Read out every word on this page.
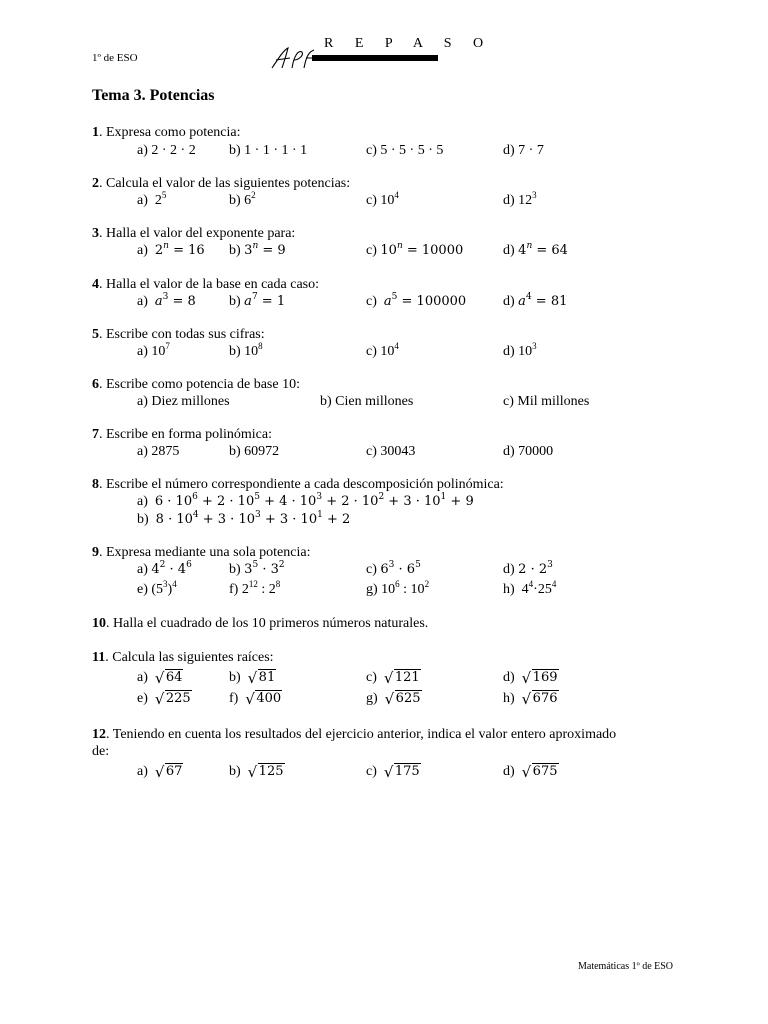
1º de ESO
R E P A S O
Tema 3. Potencias
1. Expresa como potencia:
a) 2 · 2 · 2 b) 1 · 1 · 1 · 1	c) 5 · 5 · 5 · 5	d) 7 · 7
2. Calcula el valor de las siguientes potencias:
a)  $2^5$	b) $6^2$	c) $10^4$	d) $12^3$
3. Halla el valor del exponente para:
a)  $2^n = 16$ b) $3^n = 9$	c) $10^n = 10000$	d) $4^n = 64$
4. Halla el valor de la base en cada caso:
a)  $a^3 = 8$ b) $a^7 = 1$	c)  $a^5 = 100000$	d) $a^4 = 81$
5. Escribe con todas sus cifras:
a) $10^7$	b) $10^8$	c) $10^4$	d) $10^3$
6. Escribe como potencia de base 10:
a) Diez millones	b) Cien millones	c) Mil millones
7. Escribe en forma polinómica:
a) 2875	b) 60972	c) 30043	d) 70000
8. Escribe el número correspondiente a cada descomposición polinómica:
a)  $6 \cdot 10^6 + 2 \cdot 10^5 + 4 \cdot 10^3 + 2 \cdot 10^2 + 3 \cdot 10^1 + 9$
b)  $8 \cdot 10^4 + 3 \cdot 10^3 + 3 \cdot 10^1 + 2$
9. Expresa mediante una sola potencia:
a) $4^2 \cdot 4^6$	b) $3^5 \cdot 3^2$	c) $6^3 \cdot 6^5$	d) $2 \cdot 2^3$
e) $(5^3)^4$	f) $2^{12}$ : $2^8$	g) $10^6$ : $10^2$	h)  $4^4\cdot 25^4$
10. Halla el cuadrado de los 10 primeros números naturales.
11. Calcula las siguientes raíces:
a)  √ 64	b)  √ 81	c)  √ 121	d)  √ 169
e)  √ 225	f)  √ 400	g)  √ 625	h)  √ 676
12. Teniendo en cuenta los resultados del ejercicio anterior, indica el valor entero aproximado
de:
a)  √ 67	b)  √ 125	c)  √ 175	d)  √ 675
Matemáticas 1º de ESO
